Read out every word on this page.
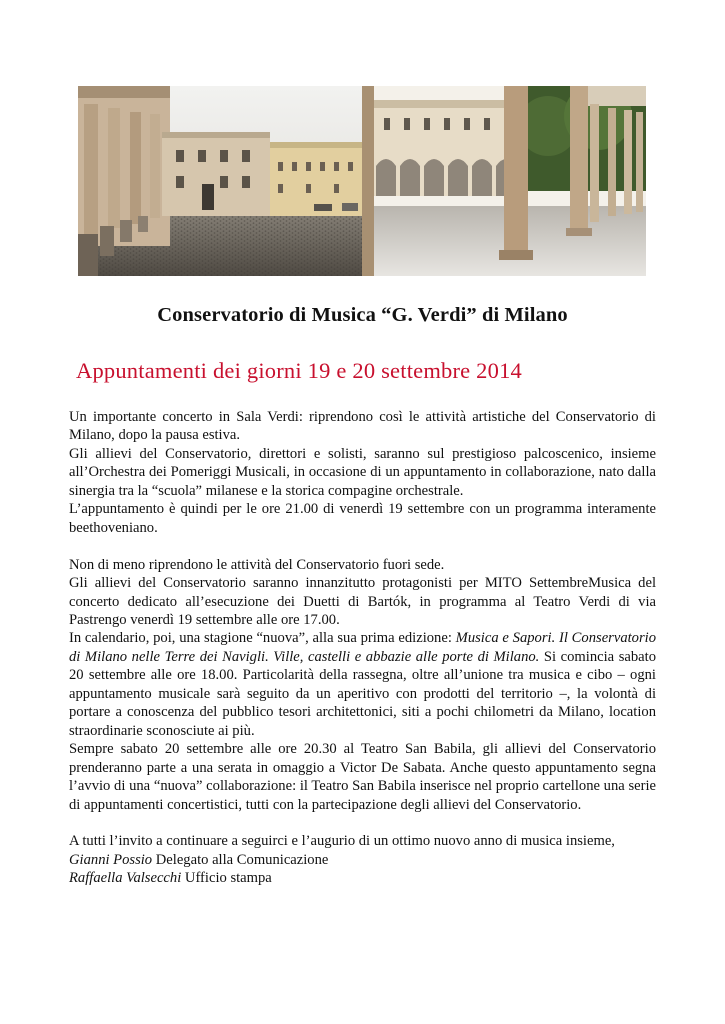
Conservatorio di Musica “G. Verdi” di Milano
Appuntamenti dei giorni 19 e 20 settembre 2014

Un importante concerto in Sala Verdi: riprendono così le attività artistiche del Conservatorio di Milano, dopo la pausa estiva.

Gli allievi del Conservatorio, direttori e solisti, saranno sul prestigioso palcoscenico, insieme all’Orchestra dei Pomeriggi Musicali, in occasione di un appuntamento in collaborazione, nato dalla sinergia tra la “scuola” milanese e la storica compagine orchestrale.

L’appuntamento è quindi per le ore 21.00 di venerdì 19 settembre con un programma interamente beethoveniano.

Non di meno riprendono le attività del Conservatorio fuori sede.

Gli allievi del Conservatorio saranno innanzitutto protagonisti per MITO SettembreMusica del concerto dedicato all’esecuzione dei Duetti di Bartók, in programma al Teatro Verdi di via Pastrengo venerdì 19 settembre alle ore 17.00.

In calendario, poi, una stagione “nuova”, alla sua prima edizione: Musica e Sapori. Il Conservatorio di Milano nelle Terre dei Navigli. Ville, castelli e abbazie alle porte di Milano. Si comincia sabato 20 settembre alle ore 18.00. Particolarità della rassegna, oltre all’unione tra musica e cibo – ogni appuntamento musicale sarà seguito da un aperitivo con prodotti del territorio –, la volontà di portare a conoscenza del pubblico tesori architettonici, siti a pochi chilometri da Milano, location straordinarie sconosciute ai più.

Sempre sabato 20 settembre alle ore 20.30 al Teatro San Babila, gli allievi del Conservatorio prenderanno parte a una serata in omaggio a Victor De Sabata. Anche questo appuntamento segna l’avvio di una “nuova” collaborazione: il Teatro San Babila inserisce nel proprio cartellone una serie di appuntamenti concertistici, tutti con la partecipazione degli allievi del Conservatorio.

A tutti l’invito a continuare a seguirci e l’augurio di un ottimo nuovo anno di musica insieme,

Gianni Possio Delegato alla Comunicazione

Raffaella Valsecchi Ufficio stampa
